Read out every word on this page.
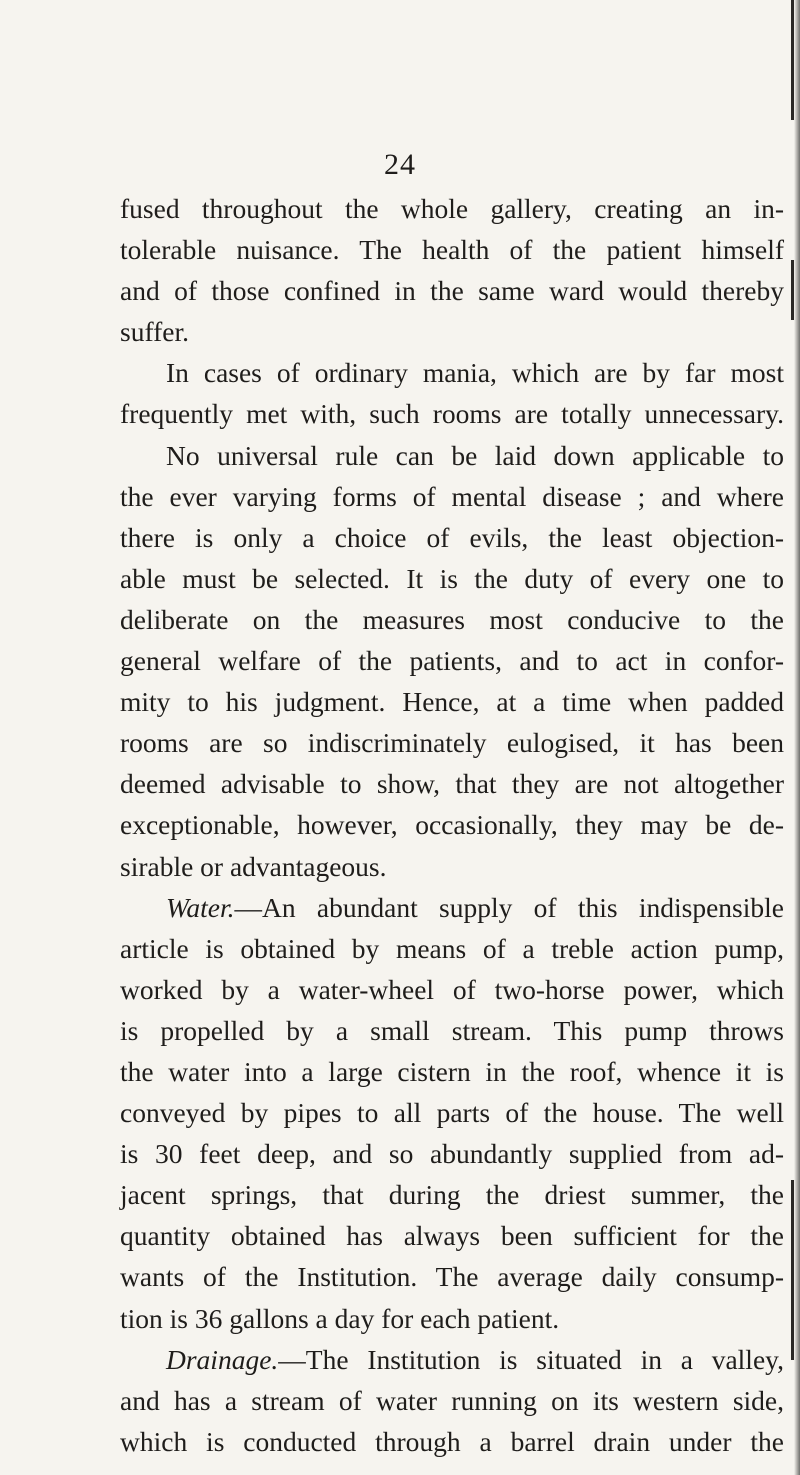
24
fused throughout the whole gallery, creating an in-
tolerable nuisance. The health of the patient himself
and of those confined in the same ward would thereby
suffer.
In cases of ordinary mania, which are by far most
frequently met with, such rooms are totally unnecessary.
No universal rule can be laid down applicable to
the ever varying forms of mental disease ; and where
there is only a choice of evils, the least objection-
able must be selected. It is the duty of every one to
deliberate on the measures most conducive to the
general welfare of the patients, and to act in confor-
mity to his judgment. Hence, at a time when padded
rooms are so indiscriminately eulogised, it has been
deemed advisable to show, that they are not altogether
exceptionable, however, occasionally, they may be de-
sirable or advantageous.
Water.—An abundant supply of this indispensible
article is obtained by means of a treble action pump,
worked by a water-wheel of two-horse power, which
is propelled by a small stream. This pump throws
the water into a large cistern in the roof, whence it is
conveyed by pipes to all parts of the house. The well
is 30 feet deep, and so abundantly supplied from ad-
jacent springs, that during the driest summer, the
quantity obtained has always been sufficient for the
wants of the Institution. The average daily consump-
tion is 36 gallons a day for each patient.
Drainage.—The Institution is situated in a valley,
and has a stream of water running on its western side,
which is conducted through a barrel drain under the
